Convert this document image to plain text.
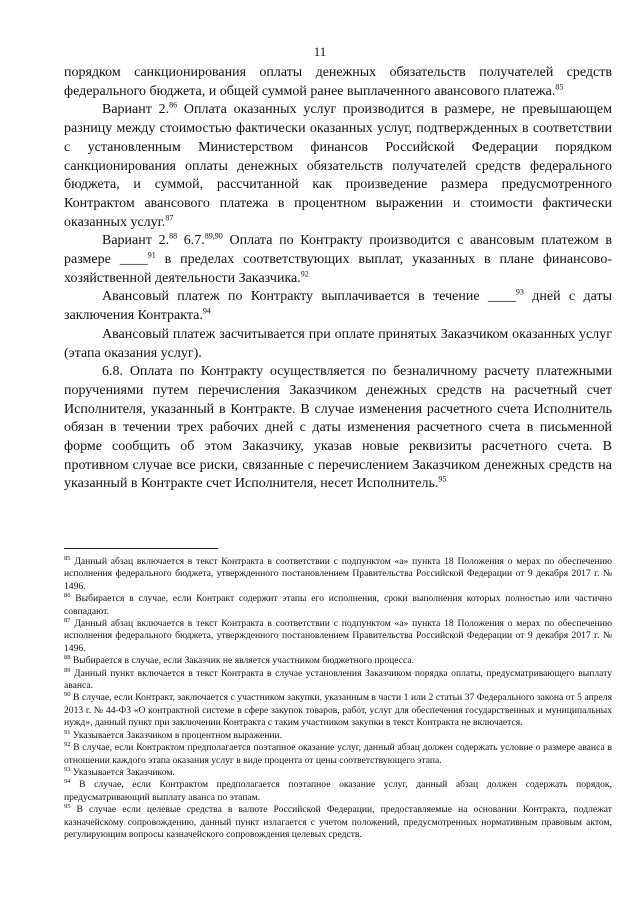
11

порядком санкционирования оплаты денежных обязательств получателей средств федерального бюджета, и общей суммой ранее выплаченного авансового платежа.$^{85}$

Вариант 2.86 Оплата оказанных услуг производится в размере, не превышающем разницу между стоимостью фактически оказанных услуг, подтвержденных в соответствии с установленным Министерством финансов Российской Федерации порядком санкционирования оплаты денежных обязательств получателей средств федерального бюджета, и суммой, рассчитанной как произведение размера предусмотренного Контрактом авансового платежа в процентном выражении и стоимости фактически оказанных услуг.$^{87}$

Вариант 2.88 6.7.$^{89,90}$ Оплата по Контракту производится с авансовым платежом в размере ____$^{91}$ в пределах соответствующих выплат, указанных в плане финансово-хозяйственной деятельности Заказчика.$^{92}$

Авансовый платеж по Контракту выплачивается в течение ____$^{93}$ дней с даты заключения Контракта.$^{94}$

Авансовый платеж засчитывается при оплате принятых Заказчиком оказанных услуг (этапа оказания услуг).

6.8. Оплата по Контракту осуществляется по безналичному расчету платежными поручениями путем перечисления Заказчиком денежных средств на расчетный счет Исполнителя, указанный в Контракте. В случае изменения расчетного счета Исполнитель обязан в течении трех рабочих дней с даты изменения расчетного счета в письменной форме сообщить об этом Заказчику, указав новые реквизиты расчетного счета. В противном случае все риски, связанные с перечислением Заказчиком денежных средств на указанный в Контракте счет Исполнителя, несет Исполнитель.$^{95}$

$^{85}$ Данный абзац включается в текст Контракта в соответствии с подпунктом «а» пункта 18 Положения о мерах по обеспечению исполнения федерального бюджета, утвержденного постановлением Правительства Российской Федерации от 9 декабря 2017 г. № 1496.

$^{86}$ Выбирается в случае, если Контракт содержит этапы его исполнения, сроки выполнения которых полностью или частично совпадают.

$^{87}$ Данный абзац включается в текст Контракта в соответствии с подпунктом «а» пункта 18 Положения о мерах по обеспечению исполнения федерального бюджета, утвержденного постановлением Правительства Российской Федерации от 9 декабря 2017 г. № 1496.

$^{88}$ Выбирается в случае, если Заказчик не является участником бюджетного процесса.

$^{89}$ Данный пункт включается в текст Контракта в случае установления Заказчиком порядка оплаты, предусматривающего выплату аванса.

$^{90}$ В случае, если Контракт, заключается с участником закупки, указанным в части 1 или 2 статьи 37 Федерального закона от 5 апреля 2013 г. № 44-ФЗ «О контрактной системе в сфере закупок товаров, работ, услуг для обеспечения государственных и муниципальных нужд», данный пункт при заключении Контракта с таким участником закупки в текст Контракта не включается.

$^{91}$ Указывается Заказчиком в процентном выражении.

$^{92}$ В случае, если Контрактом предполагается поэтапное оказание услуг, данный абзац должен содержать условие о размере аванса в отношении каждого этапа оказания услуг в виде процента от цены соответствующего этапа.

$^{93}$ Указывается Заказчиком.

$^{94}$ В случае, если Контрактом предполагается поэтапное оказание услуг, данный абзац должен содержать порядок, предусматривающий выплату аванса по этапам.

$^{95}$ В случае если целевые средства в валюте Российской Федерации, предоставляемые на основании Контракта, подлежат казначейскому сопровождению, данный пункт излагается с учетом положений, предусмотренных нормативным правовым актом, регулирующим вопросы казначейского сопровождения целевых средств.
